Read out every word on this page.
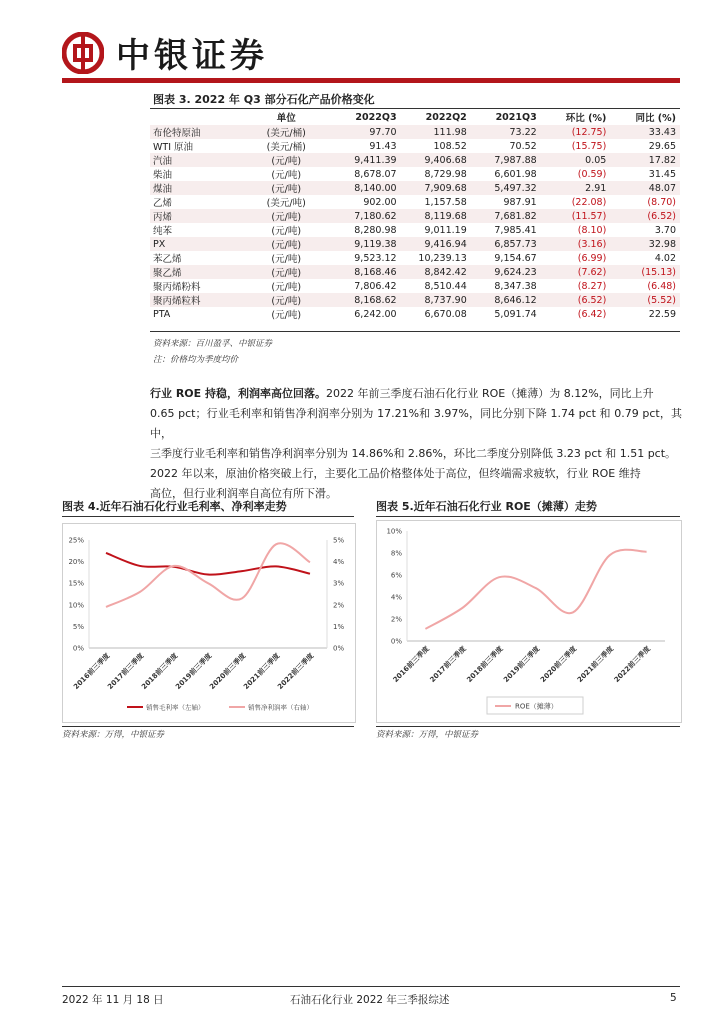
中银证券
图表 3. 2022 年 Q3 部分石化产品价格变化
	单位	2022Q3	2022Q2	2021Q3	环比 (%)	同比 (%)
布伦特原油	(美元/桶)	97.70	111.98	73.22	(12.75)	33.43
WTI 原油	(美元/桶)	91.43	108.52	70.52	(15.75)	29.65
汽油	(元/吨)	9,411.39	9,406.68	7,987.88	0.05	17.82
柴油	(元/吨)	8,678.07	8,729.98	6,601.98	(0.59)	31.45
煤油	(元/吨)	8,140.00	7,909.68	5,497.32	2.91	48.07
乙烯	(美元/吨)	902.00	1,157.58	987.91	(22.08)	(8.70)
丙烯	(元/吨)	7,180.62	8,119.68	7,681.82	(11.57)	(6.52)
纯苯	(元/吨)	8,280.98	9,011.19	7,985.41	(8.10)	3.70
PX	(元/吨)	9,119.38	9,416.94	6,857.73	(3.16)	32.98
苯乙烯	(元/吨)	9,523.12	10,239.13	9,154.67	(6.99)	4.02
聚乙烯	(元/吨)	8,168.46	8,842.42	9,624.23	(7.62)	(15.13)
聚丙烯粉料	(元/吨)	7,806.42	8,510.44	8,347.38	(8.27)	(6.48)
聚丙烯粒料	(元/吨)	8,168.62	8,737.90	8,646.12	(6.52)	(5.52)
PTA	(元/吨)	6,242.00	6,670.08	5,091.74	(6.42)	22.59
资料来源：百川盈孚、中银证券
注：价格均为季度均价
行业 ROE 持稳，利润率高位回落。2022 年前三季度石油石化行业 ROE（摊薄）为 8.12%，同比上升
0.65 pct；行业毛利率和销售净利润率分别为 17.21%和 3.97%，同比分别下降 1.74 pct 和 0.79 pct，其中，
三季度行业毛利率和销售净利润率分别为 14.86%和 2.86%，环比二季度分别降低 3.23 pct 和 1.51 pct。
2022 年以来，原油价格突破上行，主要化工品价格整体处于高位，但终端需求疲软，行业 ROE 维持
高位，但行业利润率自高位有所下滑。
图表 4.近年石油石化行业毛利率、净利率走势
0%
5%
10%
15%
20%
25%
0%
1%
2%
3%
4%
5%
2016前三季度
2017前三季度
2018前三季度
2019前三季度
2020前三季度
2021前三季度
2022前三季度
销售毛利率（左轴）	销售净利润率（右轴）
资料来源：万得，中银证券
图表 5.近年石油石化行业 ROE（摊薄）走势
0%
2%
4%
6%
8%
10%
2016前三季度
2017前三季度
2018前三季度
2019前三季度
2020前三季度
2021前三季度
2022前三季度
ROE（摊薄）
资料来源：万得，中银证券
2022 年 11 月 18 日	石油石化行业 2022 年三季报综述	5
